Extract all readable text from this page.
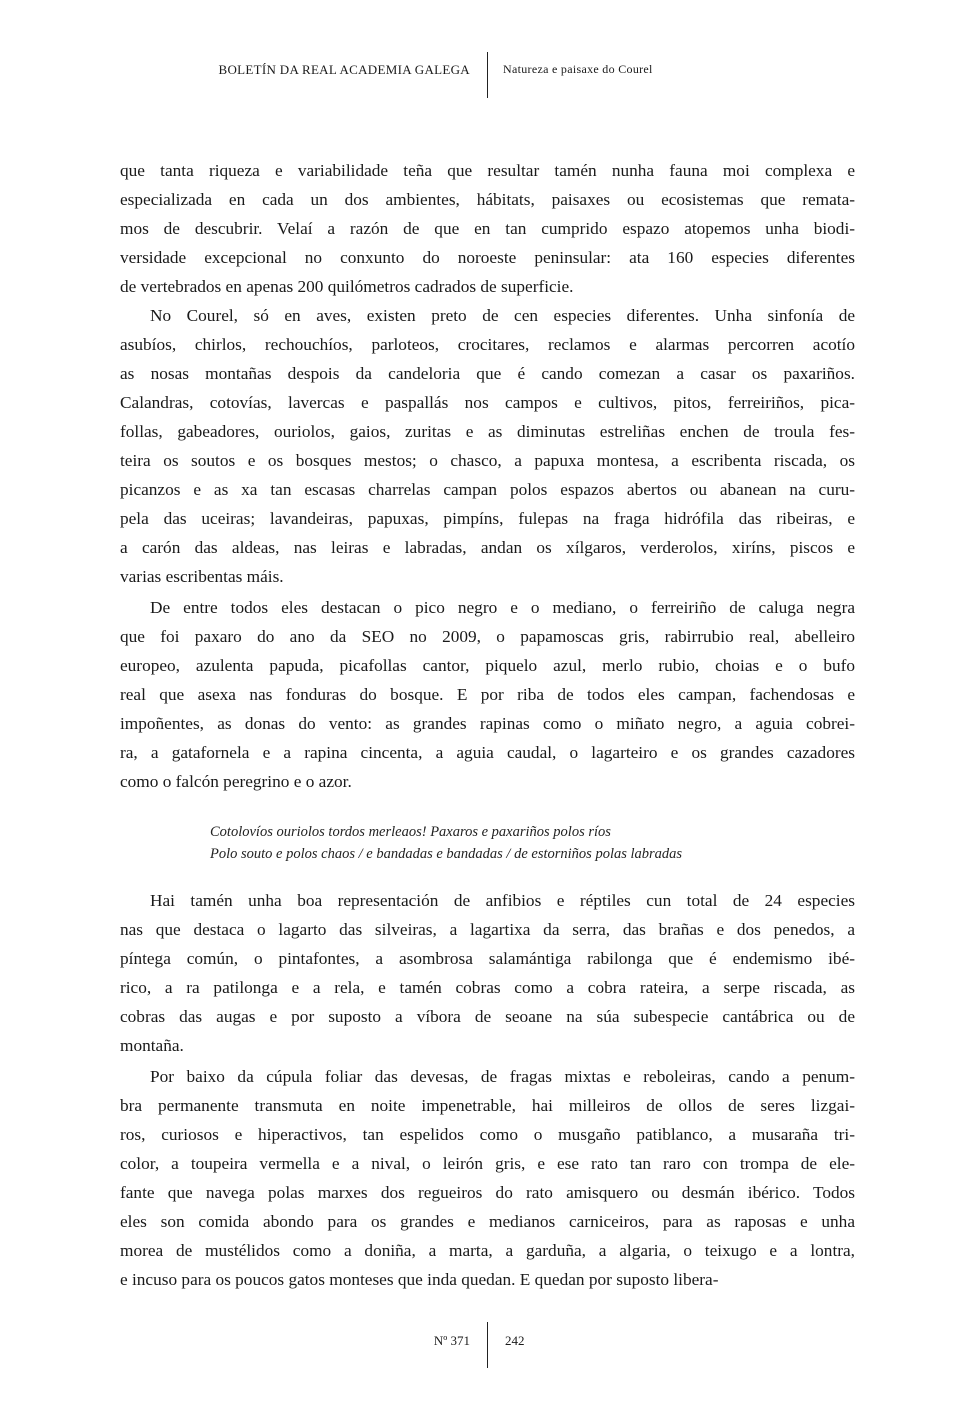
BOLETÍN DA REAL ACADEMIA GALEGA	Natureza e paisaxe do Courel
que tanta riqueza e variabilidade teña que resultar tamén nunha fauna moi complexa e
especializada en cada un dos ambientes, hábitats, paisaxes ou ecosistemas que remata-
mos de descubrir. Velaí a razón de que en tan cumprido espazo atopemos unha biodi-
versidade excepcional no conxunto do noroeste peninsular: ata 160 especies diferentes
de vertebrados en apenas 200 quilómetros cadrados de superficie.
No Courel, só en aves, existen preto de cen especies diferentes. Unha sinfonía de
asubíos, chirlos, rechouchíos, parloteos, crocitares, reclamos e alarmas percorren acotío
as nosas montañas despois da candeloria que é cando comezan a casar os paxariños.
Calandras, cotovías, lavercas e paspallás nos campos e cultivos, pitos, ferreiriños, pica-
follas, gabeadores, ouriolos, gaios, zuritas e as diminutas estreliñas enchen de troula fes-
teira os soutos e os bosques mestos; o chasco, a papuxa montesa, a escribenta riscada, os
picanzos e as xa tan escasas charrelas campan polos espazos abertos ou abanean na curu-
pela das uceiras; lavandeiras, papuxas, pimpíns, fulepas na fraga hidrófila das ribeiras, e
a carón das aldeas, nas leiras e labradas, andan os xílgaros, verderolos, xiríns, piscos e
varias escribentas máis.
De entre todos eles destacan o pico negro e o mediano, o ferreiriño de caluga negra
que foi paxaro do ano da SEO no 2009, o papamoscas gris, rabirrubio real, abelleiro
europeo, azulenta papuda, picafollas cantor, piquelo azul, merlo rubio, choias e o bufo
real que asexa nas fonduras do bosque. E por riba de todos eles campan, fachendosas e
impoñentes, as donas do vento: as grandes rapinas como o miñato negro, a aguia cobrei-
ra, a gatafornela e a rapina cincenta, a aguia caudal, o lagarteiro e os grandes cazadores
como o falcón peregrino e o azor.
Cotolovíos ouriolos tordos merleaos! Paxaros e paxariños polos ríos
Polo souto e polos chaos / e bandadas e bandadas / de estorniños polas labradas
Hai tamén unha boa representación de anfibios e réptiles cun total de 24 especies
nas que destaca o lagarto das silveiras, a lagartixa da serra, das brañas e dos penedos, a
píntega común, o pintafontes, a asombrosa salamántiga rabilonga que é endemismo ibé-
rico, a ra patilonga e a rela, e tamén cobras como a cobra rateira, a serpe riscada, as
cobras das augas e por suposto a víbora de seoane na súa subespecie cantábrica ou de
montaña.
Por baixo da cúpula foliar das devesas, de fragas mixtas e reboleiras, cando a penum-
bra permanente transmuta en noite impenetrable, hai milleiros de ollos de seres lizgai-
ros, curiosos e hiperactivos, tan espelidos como o musgaño patiblanco, a musaraña tri-
color, a toupeira vermella e a nival, o leirón gris, e ese rato tan raro con trompa de ele-
fante que navega polas marxes dos regueiros do rato amisquero ou desmán ibérico. Todos
eles son comida abondo para os grandes e medianos carniceiros, para as raposas e unha
morea de mustélidos como a doniña, a marta, a garduña, a algaria, o teixugo e a lontra,
e incuso para os poucos gatos monteses que inda quedan. E quedan por suposto libera-
Nº 371	242
